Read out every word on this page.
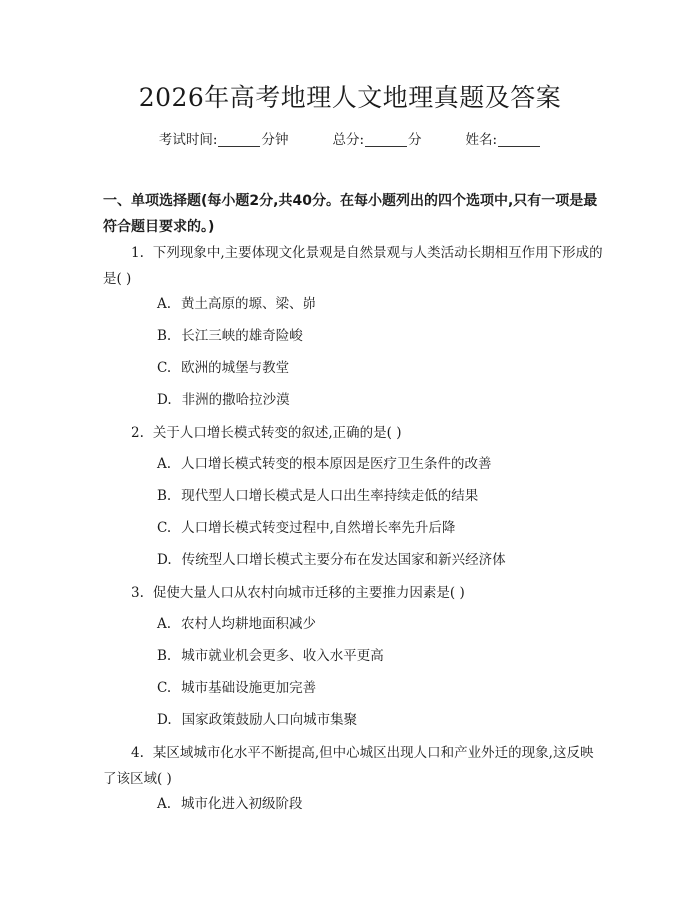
2026年高考地理人文地理真题及答案
考试时间:	分钟	总分:	分	姓名:
一、单项选择题(每小题2分,共40分。在每小题列出的四个选项中,只有一项是最符合题目要求的。)
1. 下列现象中,主要体现文化景观是自然景观与人类活动长期相互作用下形成的是( )
A. 黄土高原的塬、梁、峁
B. 长江三峡的雄奇险峻
C. 欧洲的城堡与教堂
D. 非洲的撒哈拉沙漠
2. 关于人口增长模式转变的叙述,正确的是( )
A. 人口增长模式转变的根本原因是医疗卫生条件的改善
B. 现代型人口增长模式是人口出生率持续走低的结果
C. 人口增长模式转变过程中,自然增长率先升后降
D. 传统型人口增长模式主要分布在发达国家和新兴经济体
3. 促使大量人口从农村向城市迁移的主要推力因素是( )
A. 农村人均耕地面积减少
B. 城市就业机会更多、收入水平更高
C. 城市基础设施更加完善
D. 国家政策鼓励人口向城市集聚
4. 某区域城市化水平不断提高,但中心城区出现人口和产业外迁的现象,这反映了该区域( )
A. 城市化进入初级阶段
